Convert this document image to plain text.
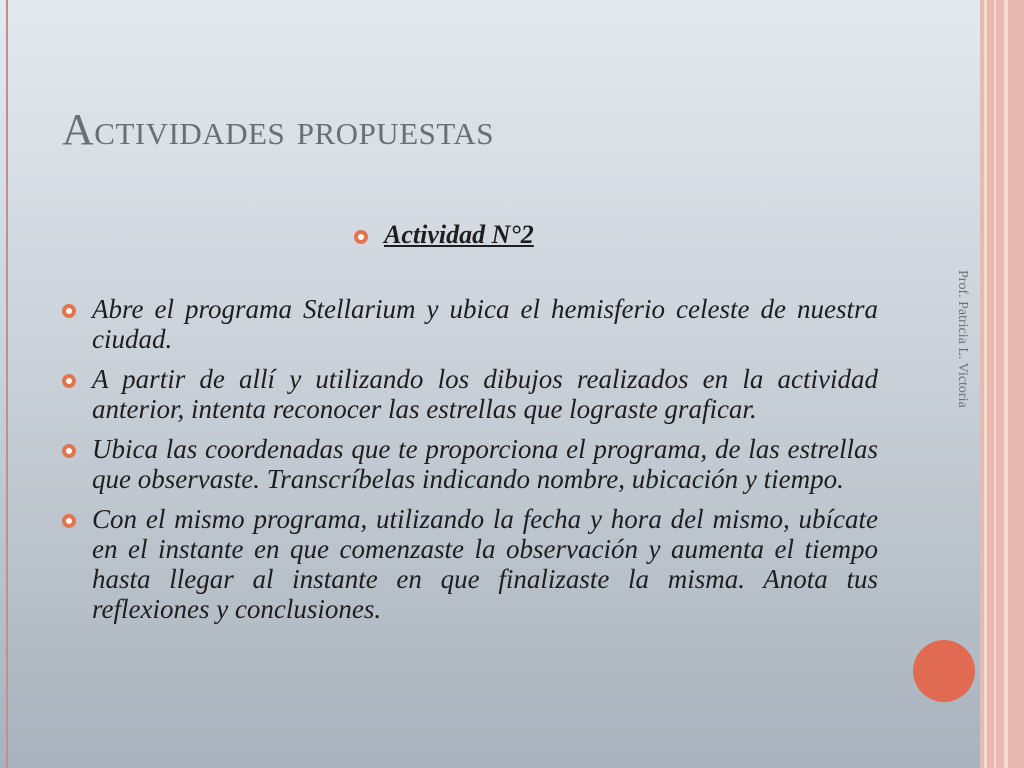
Actividades propuestas
Actividad N°2
Abre el programa Stellarium y ubica el hemisferio celeste de nuestra ciudad.
A partir de allí y utilizando los dibujos realizados en la actividad anterior, intenta reconocer las estrellas que lograste graficar.
Ubica las coordenadas que te proporciona el programa, de las estrellas que observaste. Transcríbelas indicando nombre, ubicación y tiempo.
Con el mismo programa, utilizando la fecha y hora del mismo, ubícate en el instante en que comenzaste la observación y aumenta el tiempo hasta llegar al instante en que finalizaste la misma. Anota tus reflexiones y conclusiones.
Prof. Patricia L. Victoria
